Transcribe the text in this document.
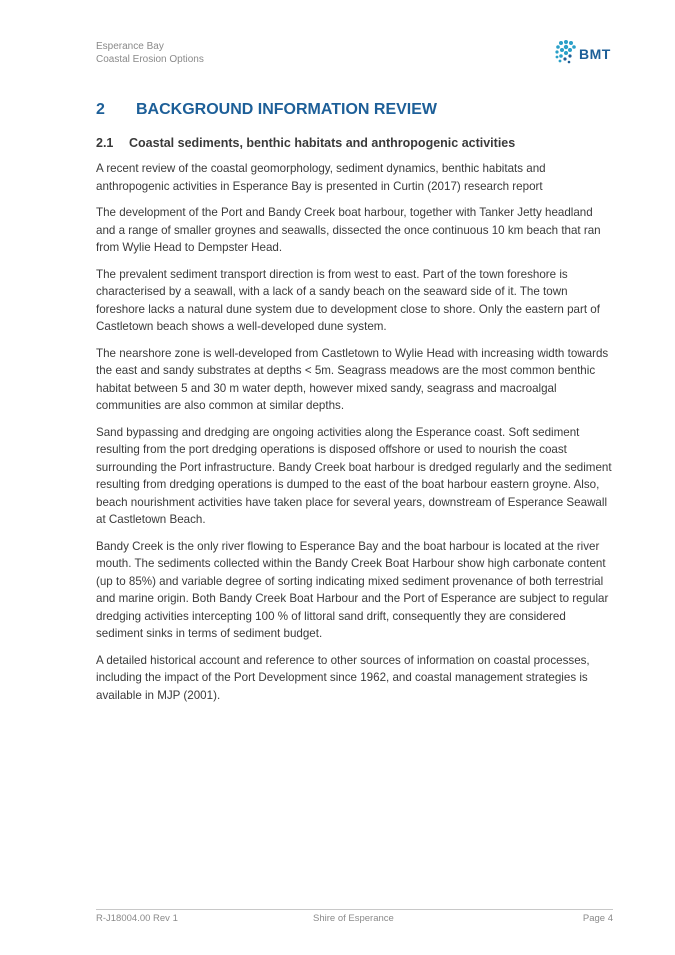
Esperance Bay
Coastal Erosion Options	BMT
2 BACKGROUND INFORMATION REVIEW
2.1 Coastal sediments, benthic habitats and anthropogenic activities

A recent review of the coastal geomorphology, sediment dynamics, benthic habitats and anthropogenic activities in Esperance Bay is presented in Curtin (2017) research report

The development of the Port and Bandy Creek boat harbour, together with Tanker Jetty headland and a range of smaller groynes and seawalls, dissected the once continuous 10 km beach that ran from Wylie Head to Dempster Head.

The prevalent sediment transport direction is from west to east. Part of the town foreshore is characterised by a seawall, with a lack of a sandy beach on the seaward side of it. The town foreshore lacks a natural dune system due to development close to shore. Only the eastern part of Castletown beach shows a well-developed dune system.

The nearshore zone is well-developed from Castletown to Wylie Head with increasing width towards the east and sandy substrates at depths < 5m. Seagrass meadows are the most common benthic habitat between 5 and 30 m water depth, however mixed sandy, seagrass and macroalgal communities are also common at similar depths.

Sand bypassing and dredging are ongoing activities along the Esperance coast. Soft sediment resulting from the port dredging operations is disposed offshore or used to nourish the coast surrounding the Port infrastructure. Bandy Creek boat harbour is dredged regularly and the sediment resulting from dredging operations is dumped to the east of the boat harbour eastern groyne. Also, beach nourishment activities have taken place for several years, downstream of Esperance Seawall at Castletown Beach.

Bandy Creek is the only river flowing to Esperance Bay and the boat harbour is located at the river mouth. The sediments collected within the Bandy Creek Boat Harbour show high carbonate content (up to 85%) and variable degree of sorting indicating mixed sediment provenance of both terrestrial and marine origin. Both Bandy Creek Boat Harbour and the Port of Esperance are subject to regular dredging activities intercepting 100 % of littoral sand drift, consequently they are considered sediment sinks in terms of sediment budget.

A detailed historical account and reference to other sources of information on coastal processes, including the impact of the Port Development since 1962, and coastal management strategies is available in MJP (2001).

R-J18004.00 Rev 1	Shire of Esperance	Page 4
